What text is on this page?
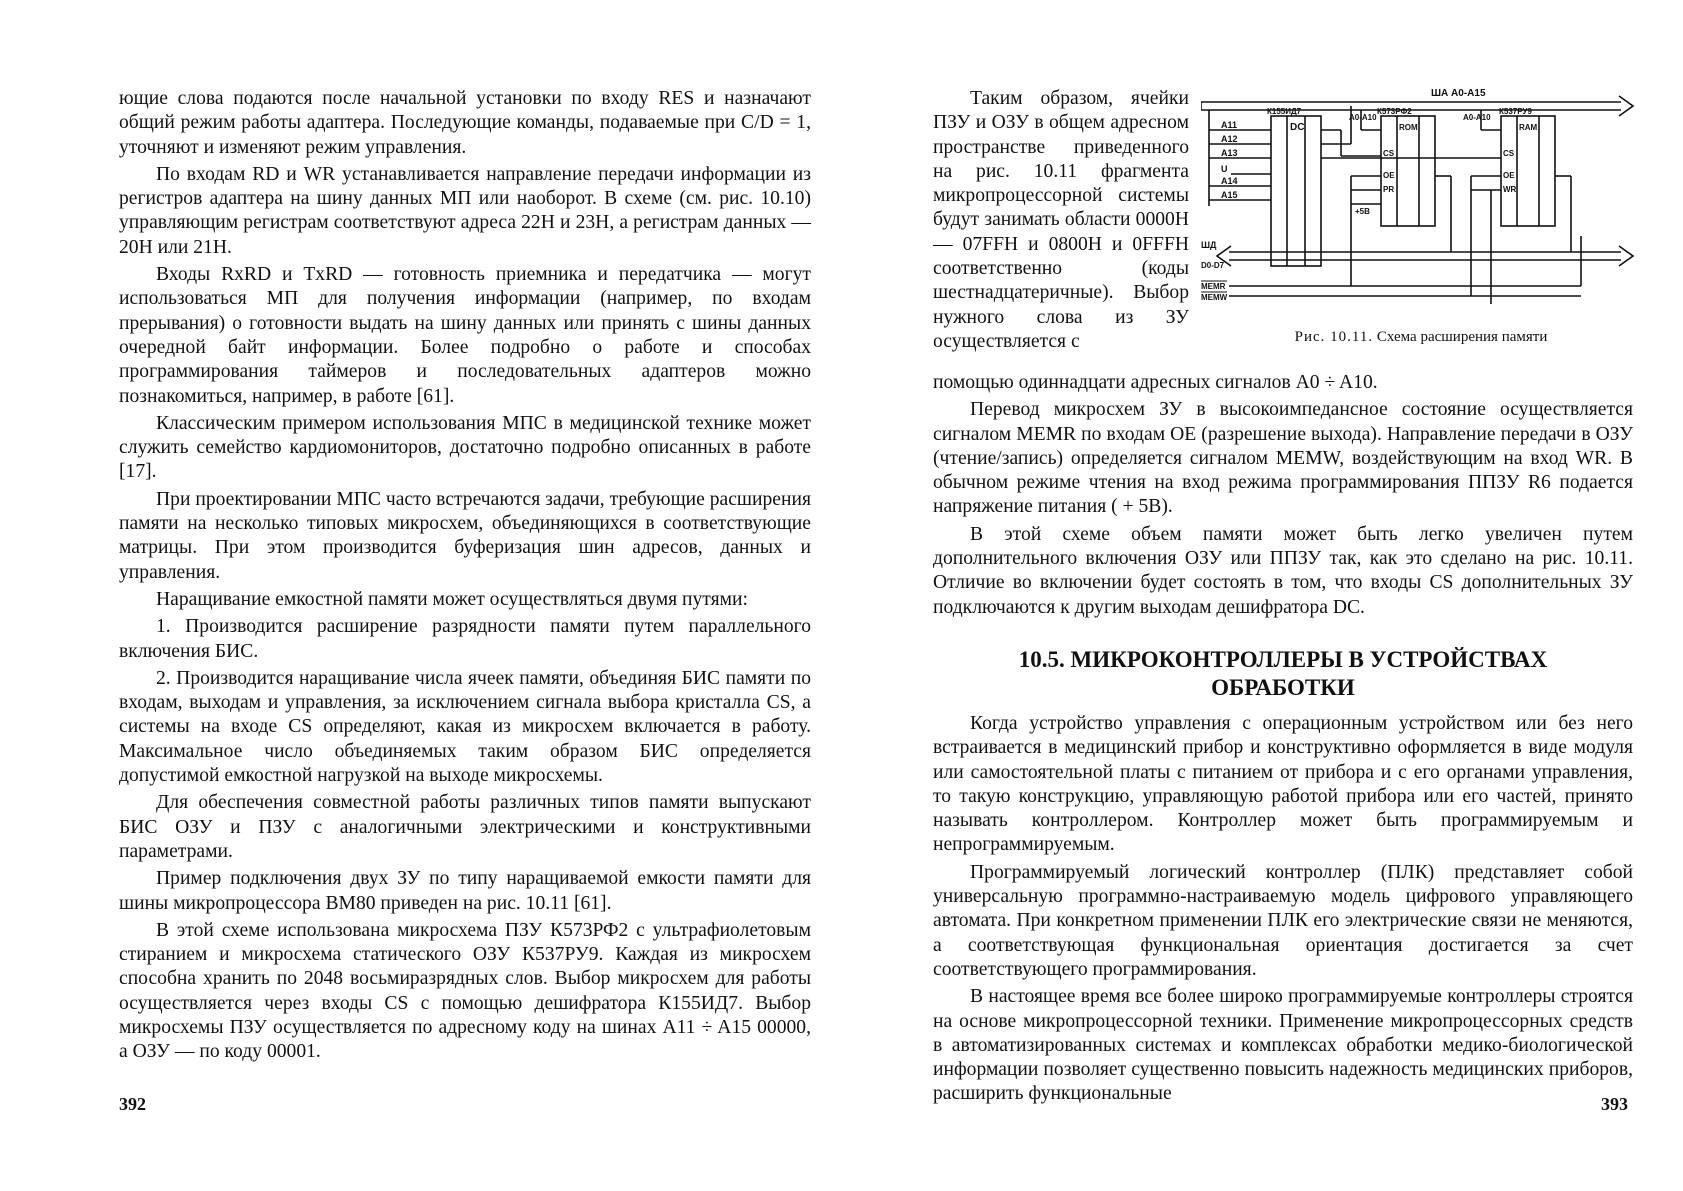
ющие слова подаются после начальной установки по входу RES и назначают общий режим работы адаптера. Последующие команды, подаваемые при C/D = 1, уточняют и изменяют режим управления.

По входам RD и WR устанавливается направление передачи информации из регистров адаптера на шину данных МП или наоборот. В схеме (см. рис. 10.10) управляющим регистрам соответствуют адреса 22H и 23H, а регистрам данных — 20H или 21H.

Входы RxRD и TxRD — готовность приемника и передатчика — могут использоваться МП для получения информации (например, по входам прерывания) о готовности выдать на шину данных или принять с шины данных очередной байт информации. Более подробно о работе и способах программирования таймеров и последовательных адаптеров можно познакомиться, например, в работе [61].

Классическим примером использования МПС в медицинской технике может служить семейство кардиомониторов, достаточно подробно описанных в работе [17].

При проектировании МПС часто встречаются задачи, требующие расширения памяти на несколько типовых микросхем, объединяющихся в соответствующие матрицы. При этом производится буферизация шин адресов, данных и управления.

Наращивание емкостной памяти может осуществляться двумя путями:

1. Производится расширение разрядности памяти путем параллельного включения БИС.

2. Производится наращивание числа ячеек памяти, объединяя БИС памяти по входам, выходам и управления, за исключением сигнала выбора кристалла CS, а системы на входе CS определяют, какая из микросхем включается в работу. Максимальное число объединяемых таким образом БИС определяется допустимой емкостной нагрузкой на выходе микросхемы.

Для обеспечения совместной работы различных типов памяти выпускают БИС ОЗУ и ПЗУ с аналогичными электрическими и конструктивными параметрами.

Пример подключения двух ЗУ по типу наращиваемой емкости памяти для шины микропроцессора ВМ80 приведен на рис. 10.11 [61].

В этой схеме использована микросхема ПЗУ К573РФ2 с ультрафиолетовым стиранием и микросхема статического ОЗУ К537РУ9. Каждая из микросхем способна хранить по 2048 восьмиразрядных слов. Выбор микросхем для работы осуществляется через входы CS с помощью дешифратора К155ИД7. Выбор микросхемы ПЗУ осуществляется по адресному коду на шинах A11 ÷ A15 00000, а ОЗУ — по коду 00001.

392

Таким образом, ячейки ПЗУ и ОЗУ в общем адресном пространстве приведенного на рис. 10.11 фрагмента микропроцессорной системы будут занимать области 0000H — 07FFH и 0800H и 0FFFH соответственно (коды шестнадцатеричные). Выбор нужного слова из ЗУ осуществляется с

ША A0-A15
A0-A10	A0-A10
К155ИД7
DC
К573РФ2
ROM
К537РУ9
RAM
A11
A12
A13
U
A14
A15
+5B
CS
OE
PR
CS
OE
WR
ШД
D0-D7
MEMR
MEMW
Рис. 10.11. Схема расширения памяти

помощью одиннадцати адресных сигналов A0 ÷ A10.

Перевод микросхем ЗУ в высокоимпедансное состояние осуществляется сигналом MEMR по входам OE (разрешение выхода). Направление передачи в ОЗУ (чтение/запись) определяется сигналом MEMW, воздействующим на вход WR. В обычном режиме чтения на вход режима программирования ППЗУ R6 подается напряжение питания ( + 5B).

В этой схеме объем памяти может быть легко увеличен путем дополнительного включения ОЗУ или ППЗУ так, как это сделано на рис. 10.11. Отличие во включении будет состоять в том, что входы CS дополнительных ЗУ подключаются к другим выходам дешифратора DC.

10.5. МИКРОКОНТРОЛЛЕРЫ В УСТРОЙСТВАХ
ОБРАБОТКИ

Когда устройство управления с операционным устройством или без него встраивается в медицинский прибор и конструктивно оформляется в виде модуля или самостоятельной платы с питанием от прибора и с его органами управления, то такую конструкцию, управляющую работой прибора или его частей, принято называть контроллером. Контроллер может быть программируемым и непрограммируемым.

Программируемый логический контроллер (ПЛК) представляет собой универсальную программно-настраиваемую модель цифрового управляющего автомата. При конкретном применении ПЛК его электрические связи не меняются, а соответствующая функциональная ориентация достигается за счет соответствующего программирования.

В настоящее время все более широко программируемые контроллеры строятся на основе микропроцессорной техники. Применение микропроцессорных средств в автоматизированных системах и комплексах обработки медико-биологической информации позволяет существенно повысить надежность медицинских приборов, расширить функциональные	393
